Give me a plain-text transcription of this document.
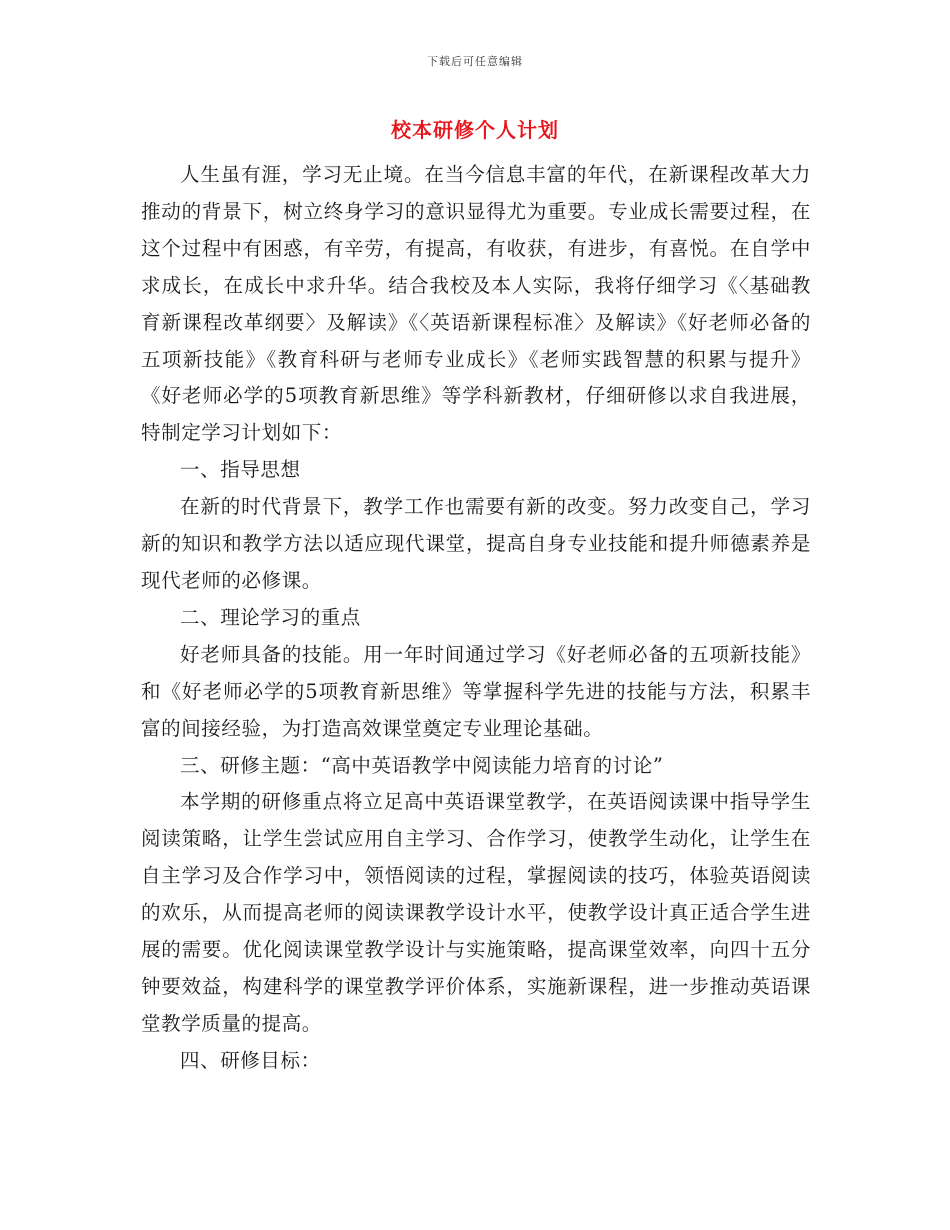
下载后可任意编辑
校本研修个人计划

人生虽有涯，学习无止境。在当今信息丰富的年代，在新课程改革大力推动的背景下，树立终身学习的意识显得尤为重要。专业成长需要过程，在这个过程中有困惑，有辛劳，有提高，有收获，有进步，有喜悦。在自学中求成长，在成长中求升华。结合我校及本人实际，我将仔细学习《〈基础教育新课程改革纲要〉及解读》《〈英语新课程标准〉及解读》《好老师必备的五项新技能》《教育科研与老师专业成长》《老师实践智慧的积累与提升》《好老师必学的5项教育新思维》等学科新教材，仔细研修以求自我进展，特制定学习计划如下：

一、指导思想

在新的时代背景下，教学工作也需要有新的改变。努力改变自己，学习新的知识和教学方法以适应现代课堂，提高自身专业技能和提升师德素养是现代老师的必修课。

二、理论学习的重点

好老师具备的技能。用一年时间通过学习《好老师必备的五项新技能》和《好老师必学的5项教育新思维》等掌握科学先进的技能与方法，积累丰富的间接经验，为打造高效课堂奠定专业理论基础。

三、研修主题：“高中英语教学中阅读能力培育的讨论”

本学期的研修重点将立足高中英语课堂教学，在英语阅读课中指导学生阅读策略，让学生尝试应用自主学习、合作学习，使教学生动化，让学生在自主学习及合作学习中，领悟阅读的过程，掌握阅读的技巧，体验英语阅读的欢乐，从而提高老师的阅读课教学设计水平，使教学设计真正适合学生进展的需要。优化阅读课堂教学设计与实施策略，提高课堂效率，向四十五分钟要效益，构建科学的课堂教学评价体系，实施新课程，进一步推动英语课堂教学质量的提高。

四、研修目标：
